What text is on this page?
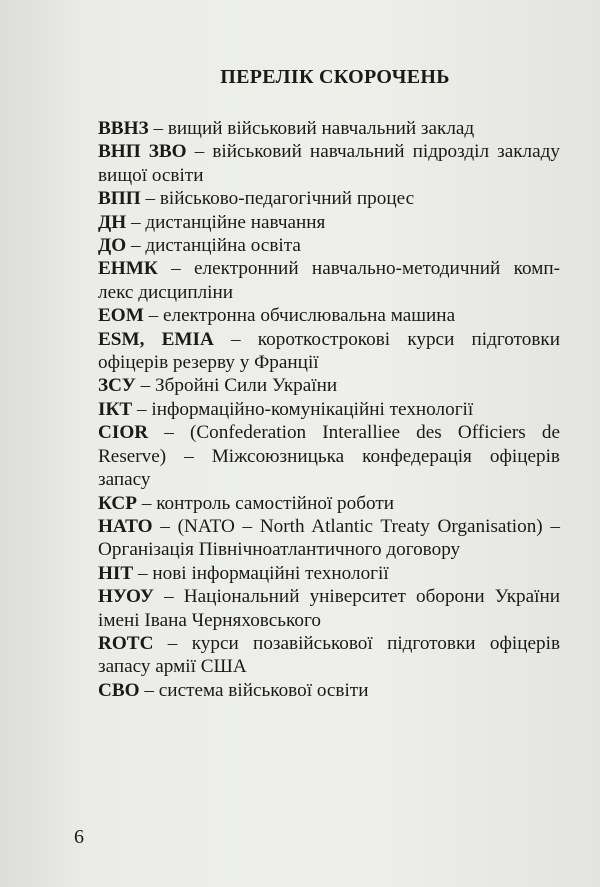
ПЕРЕЛІК СКОРОЧЕНЬ

ВВНЗ – вищий військовий навчальний заклад

ВНП ЗВО – військовий навчальний підрозділ закладу вищої освіти

ВПП – військово-педагогічний процес

ДН – дистанційне навчання

ДО – дистанційна освіта

ЕНМК – електронний навчально-методичний комп-лекс дисципліни

ЕОМ – електронна обчислювальна машина

ESM, EMIA – короткострокові курси підготовки офіцерів резерву у Франції

ЗСУ – Збройні Сили України

ІКТ – інформаційно-комунікаційні технології

CIOR – (Confederation Interalliee des Officiers de Reserve) – Міжсоюзницька конфедерація офіцерів запасу

КСР – контроль самостійної роботи

НАТО – (NATO – North Atlantic Treaty Organisation) – Організація Північноатлантичного договору

НІТ – нові інформаційні технології

НУОУ – Національний університет оборони України імені Івана Черняховського

ROTC – курси позавійськової підготовки офіцерів запасу армії США

СВО – система військової освіти

6
